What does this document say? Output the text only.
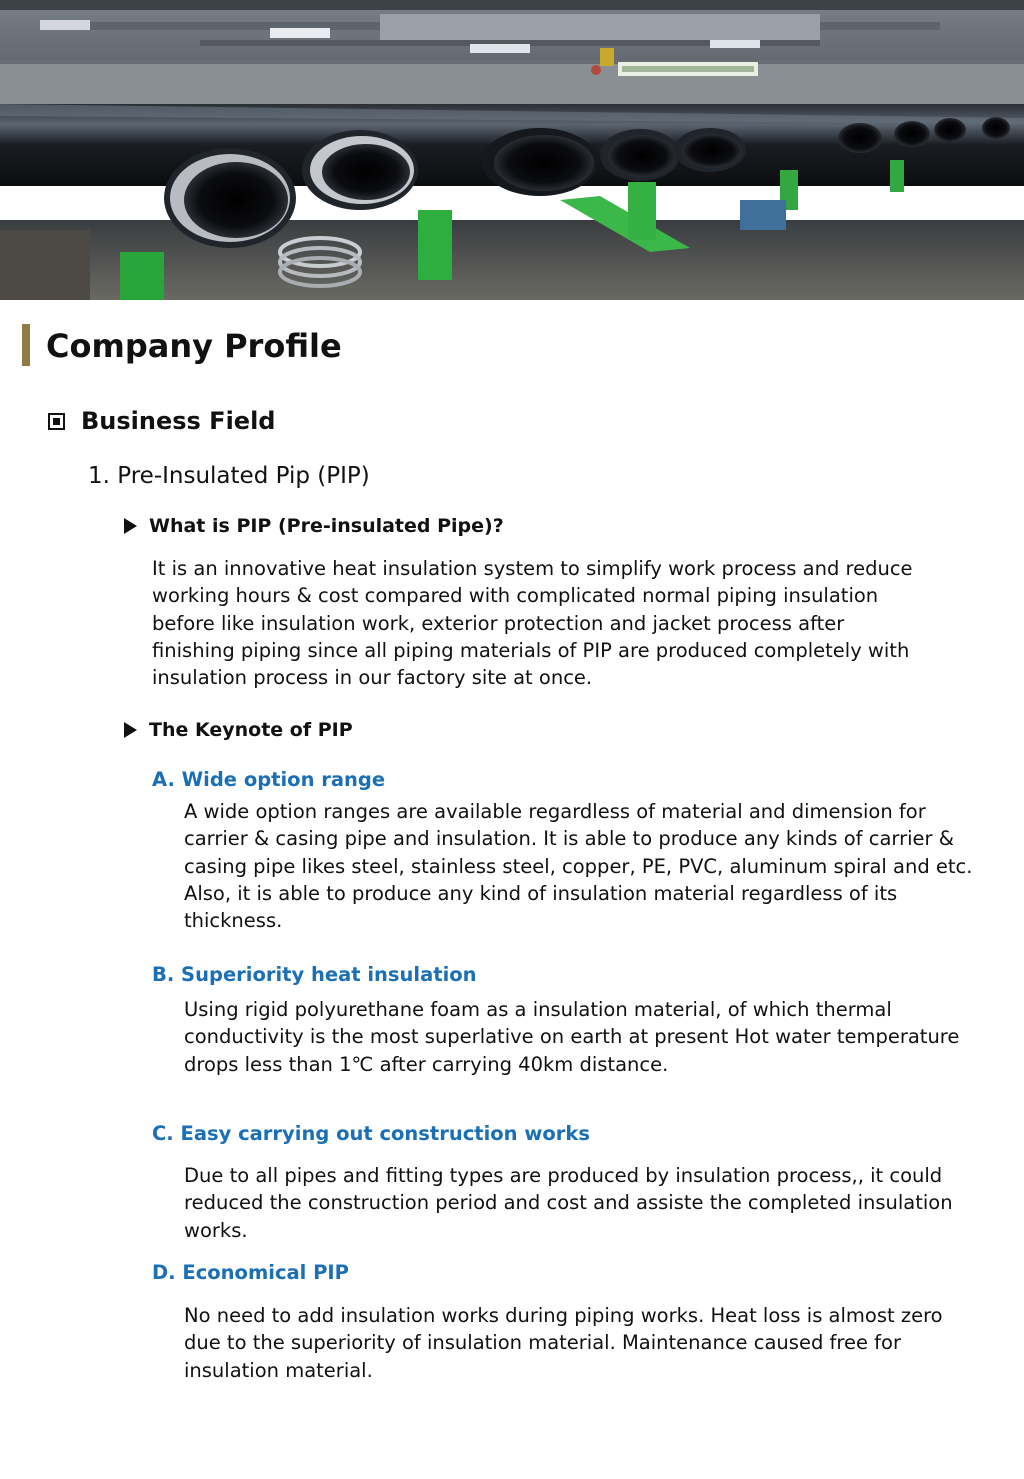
Company Profile
Business Field
1. Pre-Insulated Pip (PIP)
What is PIP (Pre-insulated Pipe)?
It is an innovative heat insulation system to simplify work process and reduce working hours & cost compared with complicated normal piping insulation before like insulation work, exterior protection and jacket process after finishing piping since all piping materials of PIP are produced completely with insulation process in our factory site at once.
The Keynote of PIP
A. Wide option range
A wide option ranges are available regardless of material and dimension for carrier & casing pipe and insulation. It is able to produce any kinds of carrier & casing pipe likes steel, stainless steel, copper, PE, PVC, aluminum spiral and etc. Also, it is able to produce any kind of insulation material regardless of its thickness.
B. Superiority heat insulation
Using rigid polyurethane foam as a insulation material, of which thermal conductivity is the most superlative on earth at present Hot water temperature drops less than 1℃ after carrying 40km distance.
C. Easy carrying out construction works
Due to all pipes and fitting types are produced by insulation process,, it could reduced the construction period and cost and assiste the completed insulation works.
D. Economical PIP
No need to add insulation works during piping works. Heat loss is almost zero due to the superiority of insulation material. Maintenance caused free for insulation material.
